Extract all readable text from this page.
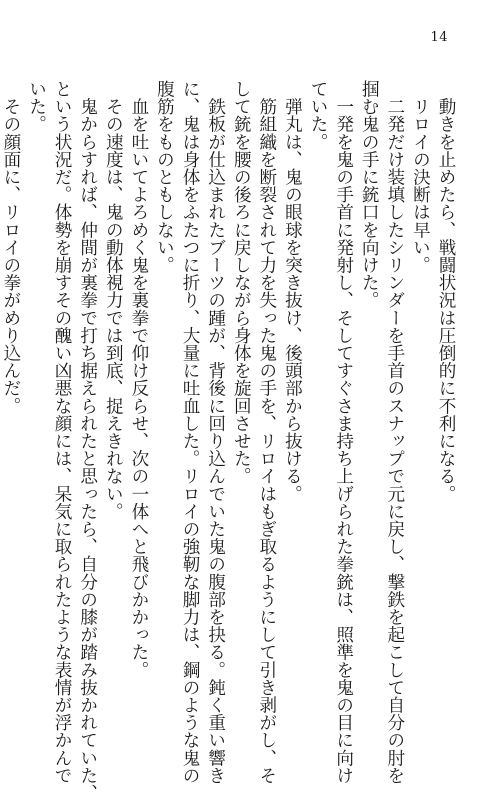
14
　動きを止めたら、戦闘状況は圧倒的に不利になる。
　リロイの決断は早い。
　二発だけ装填したシリンダーを手首のスナップで元に戻し、撃鉄を起こして自分の肘を
掴む鬼の手に銃口を向けた。
　一発を鬼の手首に発射し、そしてすぐさま持ち上げられた拳銃は、照準を鬼の目に向け
ていた。
　弾丸は、鬼の眼球を突き抜け、後頭部から抜ける。
　筋組織を断裂されて力を失った鬼の手を、リロイはもぎ取るようにして引き剥がし、そ
して銃を腰の後ろに戻しながら身体を旋回させた。
　鉄板が仕込まれたブーツの踵が、背後に回り込んでいた鬼の腹部を抉る。鈍く重い響き
に、鬼は身体をふたつに折り、大量に吐血した。リロイの強靭な脚力は、鋼のような鬼の
腹筋をものともしない。
　血を吐いてよろめく鬼を裏拳で仰け反らせ、次の一体へと飛びかかった。
　その速度は、鬼の動体視力では到底、捉えきれない。
　鬼からすれば、仲間が裏拳で打ち据えられたと思ったら、自分の膝が踏み抜かれていた、
という状況だ。体勢を崩すその醜い凶悪な顔には、呆気に取られたような表情が浮かんで
いた。
　その顔面に、リロイの拳がめり込んだ。
